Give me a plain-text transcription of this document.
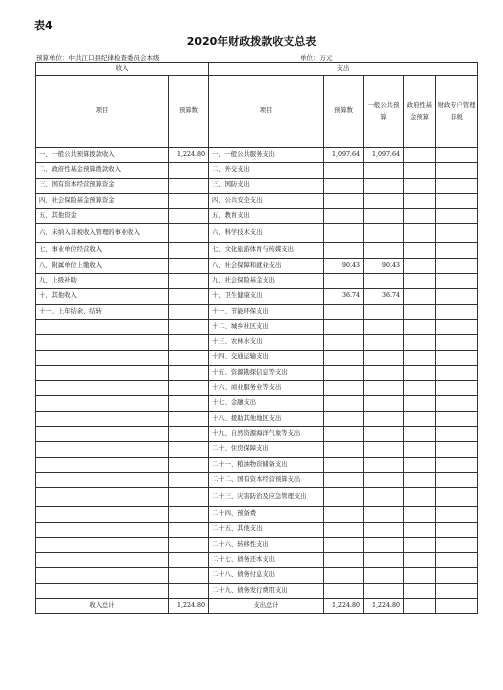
表4
2020年财政拨款收支总表
预算单位：中共江口县纪律检查委员会本级	单位：万元
收入		支出				
项目	预算数	项目	预算数	一般公共预算	政府性基金预算	财政专户管理非税
一、一般公共预算拨款收入	1,224.80	一、一般公共服务支出	1,097.64	1,097.64		
二、政府性基金预算拨款收入		二、外交支出				
三、国有资本经营预算资金		三、国防支出				
四、社会保险基金预算资金		四、公共安全支出				
五、其他资金		五、教育支出				
六、未纳入非税收入管理的事业收入		六、科学技术支出				
七、事业单位经营收入		七、文化旅游体育与传媒支出				
八、附属单位上缴收入		八、社会保障和就业支出	90.43	90.43		
九、上级补助		九、社会保险基金支出				
十、其他收入		十、卫生健康支出	36.74	36.74		
十一、上年结余、结转		十一、节能环保支出				
		十二、城乡社区支出				
		十三、农林水支出				
		十四、交通运输支出				
		十五、资源勘探信息等支出				
		十六、商业服务业等支出				
		十七、金融支出				
		十八、援助其他地区支出				
		十九、自然资源海洋气象等支出				
		二十、住房保障支出				
		二十一、粮油物资储备支出				
		二十二、国有资本经营预算支出				
		二十三、灾害防治及应急管理支出				
		二十四、预备费				
		二十五、其他支出				
		二十六、转移性支出				
		二十七、债务还本支出				
		二十八、债务付息支出				
		二十九、债务发行费用支出				
收入总计	1,224.80	支出总计	1,224.80	1,224.80		
